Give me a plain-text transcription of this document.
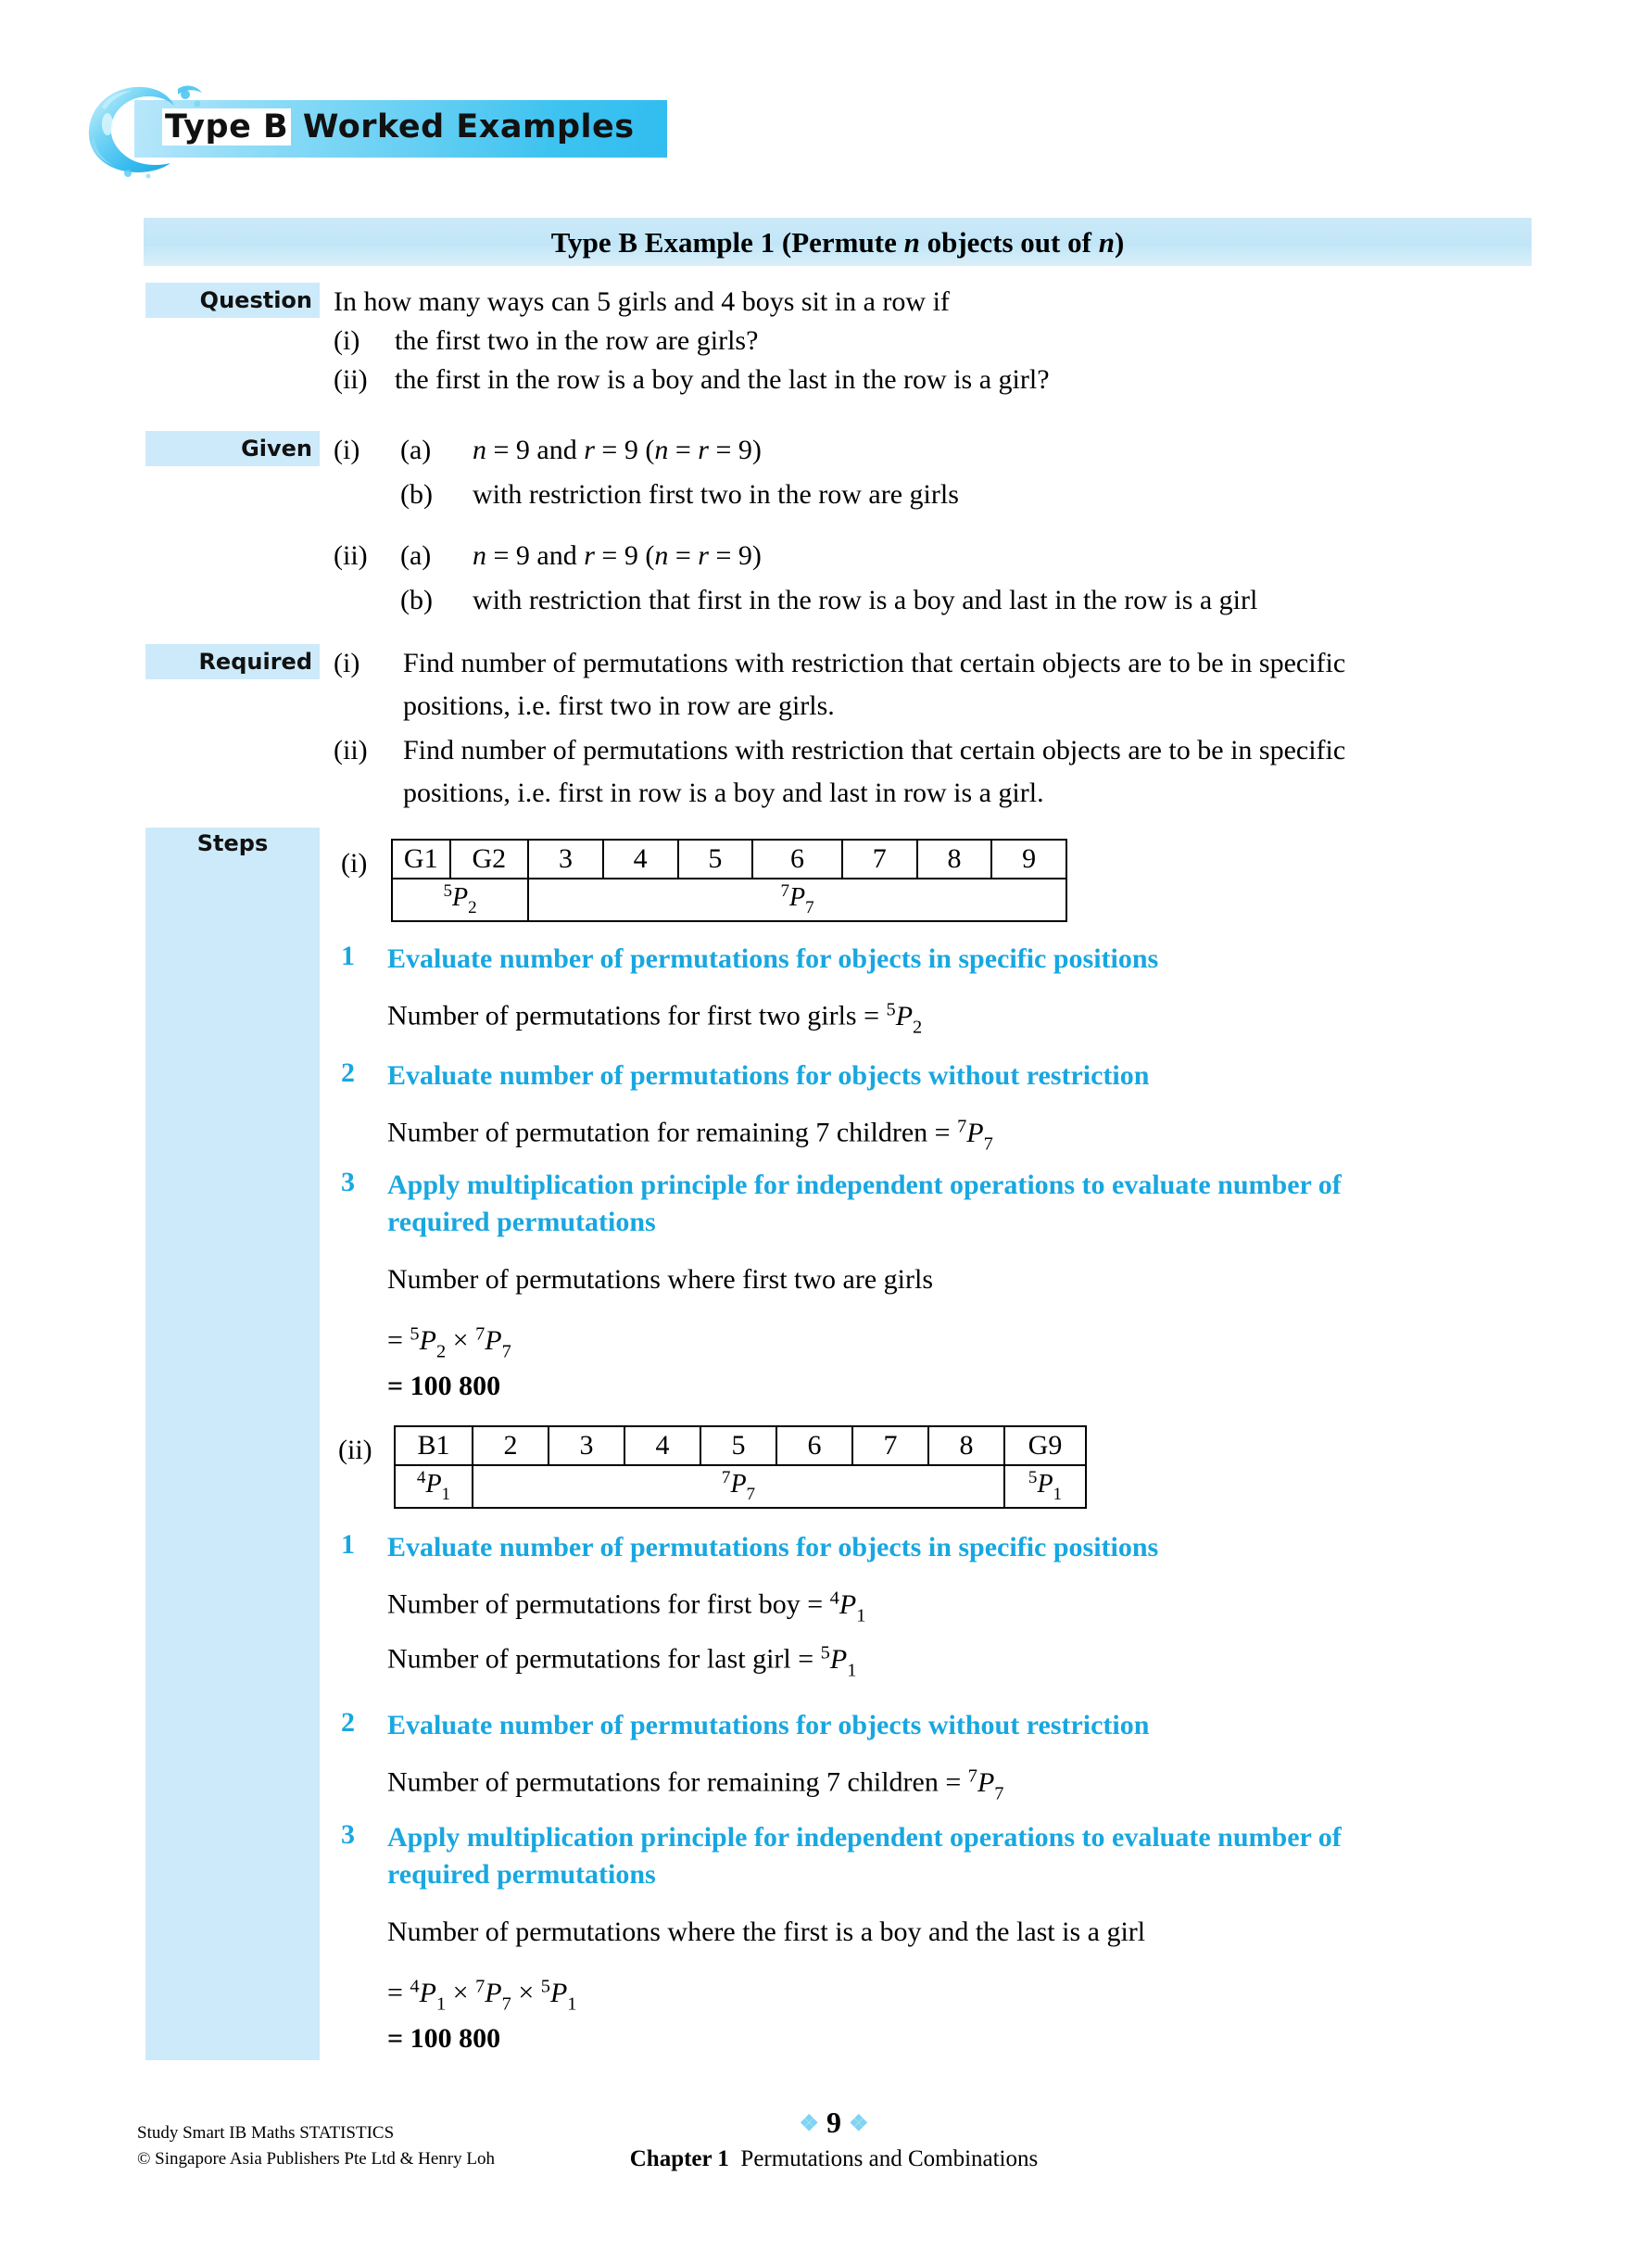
Type B Worked Examples
Type B Example 1 (Permute n objects out of n)
Question In how many ways can 5 girls and 4 boys sit in a row if
(i) the first two in the row are girls?
(ii) the first in the row is a boy and the last in the row is a girl?
Given (i) (a) n = 9 and r = 9 (n = r = 9)
(b) with restriction first two in the row are girls
(ii) (a) n = 9 and r = 9 (n = r = 9)
(b) with restriction that first in the row is a boy and last in the row is a girl
Required (i) Find number of permutations with restriction that certain objects are to be in specific
positions, i.e. first two in row are girls.
(ii) Find number of permutations with restriction that certain objects are to be in specific
positions, i.e. first in row is a boy and last in row is a girl.
Steps
(i) G1	G2	3	4	5	6	7	8	9
$^5P_2$		$^7P_7$
1 Evaluate number of permutations for objects in specific positions
Number of permutations for first two girls = $^5P_2$
2 Evaluate number of permutations for objects without restriction
Number of permutation for remaining 7 children = $^7P_7$
3 Apply multiplication principle for independent operations to evaluate number of
required permutations
Number of permutations where first two are girls
= $^5P_2 \times ^7P_7$
= 100 800
(ii) B1	2	3	4	5	6	7	8	G9
$^4P_1$	$^7P_7$							$^5P_1$
1 Evaluate number of permutations for objects in specific positions
Number of permutations for first boy = $^4P_1$
Number of permutations for last girl = $^5P_1$
2 Evaluate number of permutations for objects without restriction
Number of permutations for remaining 7 children = $^7P_7$
3 Apply multiplication principle for independent operations to evaluate number of
required permutations
Number of permutations where the first is a boy and the last is a girl
= $^4P_1 \times ^7P_7 \times ^5P_1$
= 100 800
Study Smart IB Maths STATISTICS
© Singapore Asia Publishers Pte Ltd & Henry Loh
❖ 9 ❖
Chapter 1 Permutations and Combinations
